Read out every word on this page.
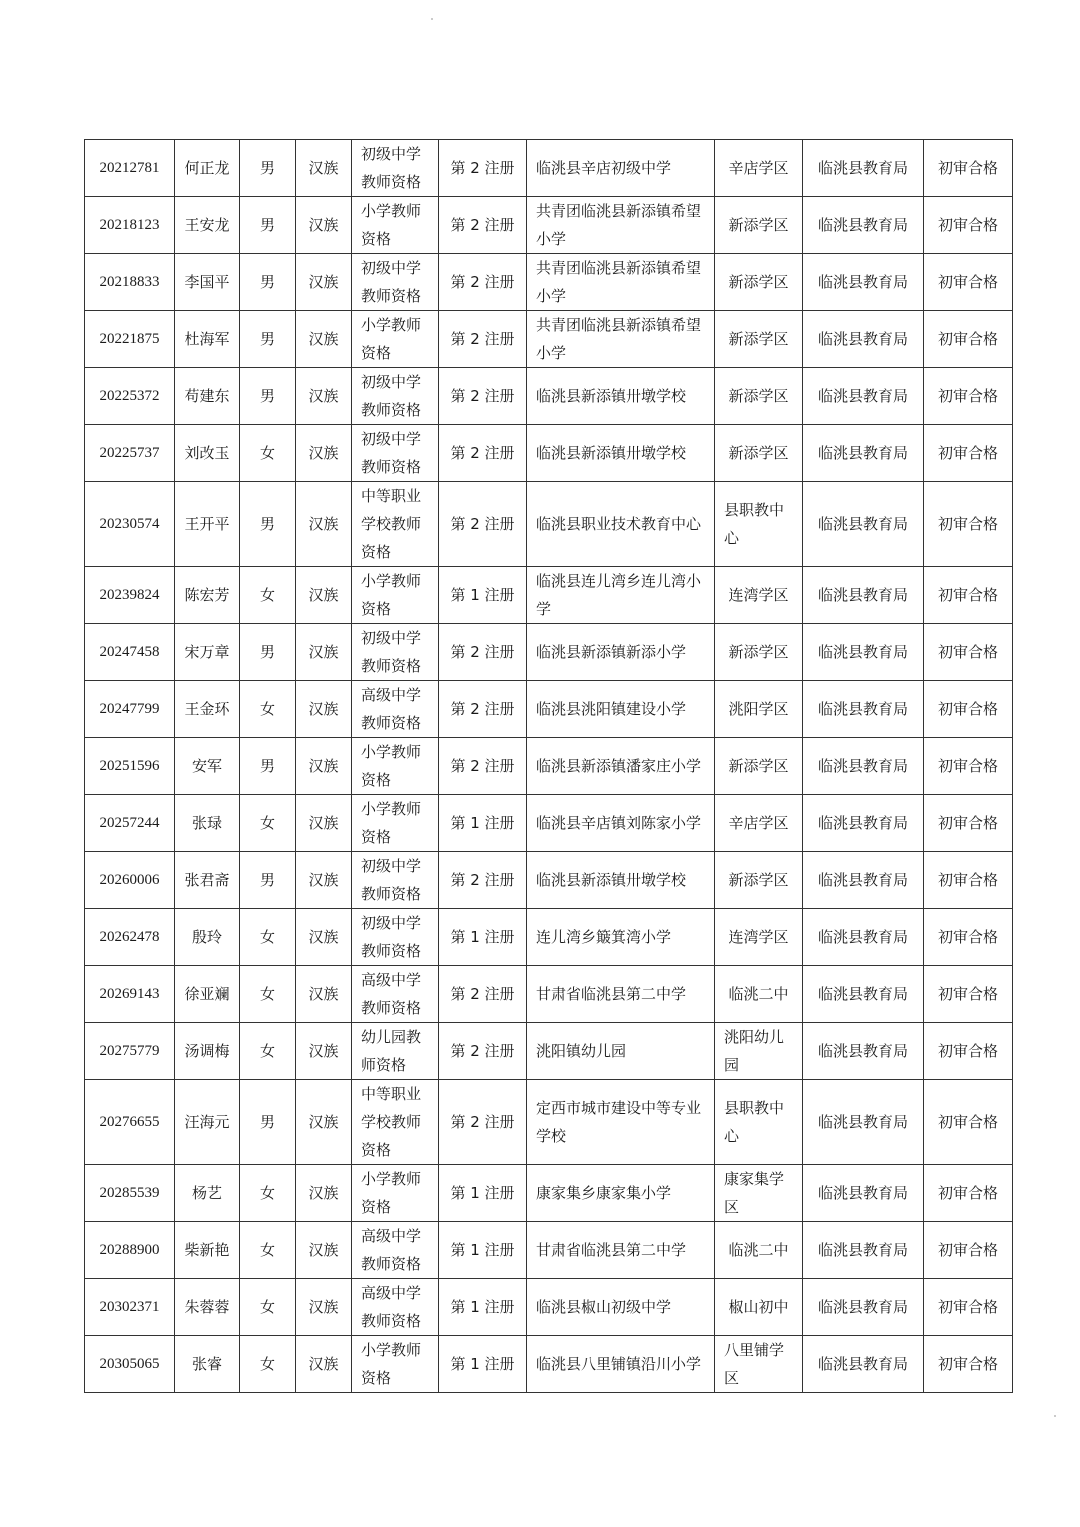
20212781	何正龙	男	汉族	初级中学教师资格	第 2 注册	临洮县辛店初级中学	辛店学区	临洮县教育局	初审合格
20218123	王安龙	男	汉族	小学教师资格	第 2 注册	共青团临洮县新添镇希望小学	新添学区	临洮县教育局	初审合格
20218833	李国平	男	汉族	初级中学教师资格	第 2 注册	共青团临洮县新添镇希望小学	新添学区	临洮县教育局	初审合格
20221875	杜海军	男	汉族	小学教师资格	第 2 注册	共青团临洮县新添镇希望小学	新添学区	临洮县教育局	初审合格
20225372	苟建东	男	汉族	初级中学教师资格	第 2 注册	临洮县新添镇卅墩学校	新添学区	临洮县教育局	初审合格
20225737	刘改玉	女	汉族	初级中学教师资格	第 2 注册	临洮县新添镇卅墩学校	新添学区	临洮县教育局	初审合格
20230574	王开平	男	汉族	中等职业学校教师资格	第 2 注册	临洮县职业技术教育中心	县职教中心	临洮县教育局	初审合格
20239824	陈宏芳	女	汉族	小学教师资格	第 1 注册	临洮县连儿湾乡连儿湾小学	连湾学区	临洮县教育局	初审合格
20247458	宋万章	男	汉族	初级中学教师资格	第 2 注册	临洮县新添镇新添小学	新添学区	临洮县教育局	初审合格
20247799	王金环	女	汉族	高级中学教师资格	第 2 注册	临洮县洮阳镇建设小学	洮阳学区	临洮县教育局	初审合格
20251596	安军	男	汉族	小学教师资格	第 2 注册	临洮县新添镇潘家庄小学	新添学区	临洮县教育局	初审合格
20257244	张琭	女	汉族	小学教师资格	第 1 注册	临洮县辛店镇刘陈家小学	辛店学区	临洮县教育局	初审合格
20260006	张君斋	男	汉族	初级中学教师资格	第 2 注册	临洮县新添镇卅墩学校	新添学区	临洮县教育局	初审合格
20262478	殷玲	女	汉族	初级中学教师资格	第 1 注册	连儿湾乡簸箕湾小学	连湾学区	临洮县教育局	初审合格
20269143	徐亚斓	女	汉族	高级中学教师资格	第 2 注册	甘肃省临洮县第二中学	临洮二中	临洮县教育局	初审合格
20275779	汤调梅	女	汉族	幼儿园教师资格	第 2 注册	洮阳镇幼儿园	洮阳幼儿园	临洮县教育局	初审合格
20276655	汪海元	男	汉族	中等职业学校教师资格	第 2 注册	定西市城市建设中等专业学校	县职教中心	临洮县教育局	初审合格
20285539	杨艺	女	汉族	小学教师资格	第 1 注册	康家集乡康家集小学	康家集学区	临洮县教育局	初审合格
20288900	柴新艳	女	汉族	高级中学教师资格	第 1 注册	甘肃省临洮县第二中学	临洮二中	临洮县教育局	初审合格
20302371	朱蓉蓉	女	汉族	高级中学教师资格	第 1 注册	临洮县椒山初级中学	椒山初中	临洮县教育局	初审合格
20305065	张睿	女	汉族	小学教师资格	第 1 注册	临洮县八里铺镇沿川小学	八里铺学区	临洮县教育局	初审合格
